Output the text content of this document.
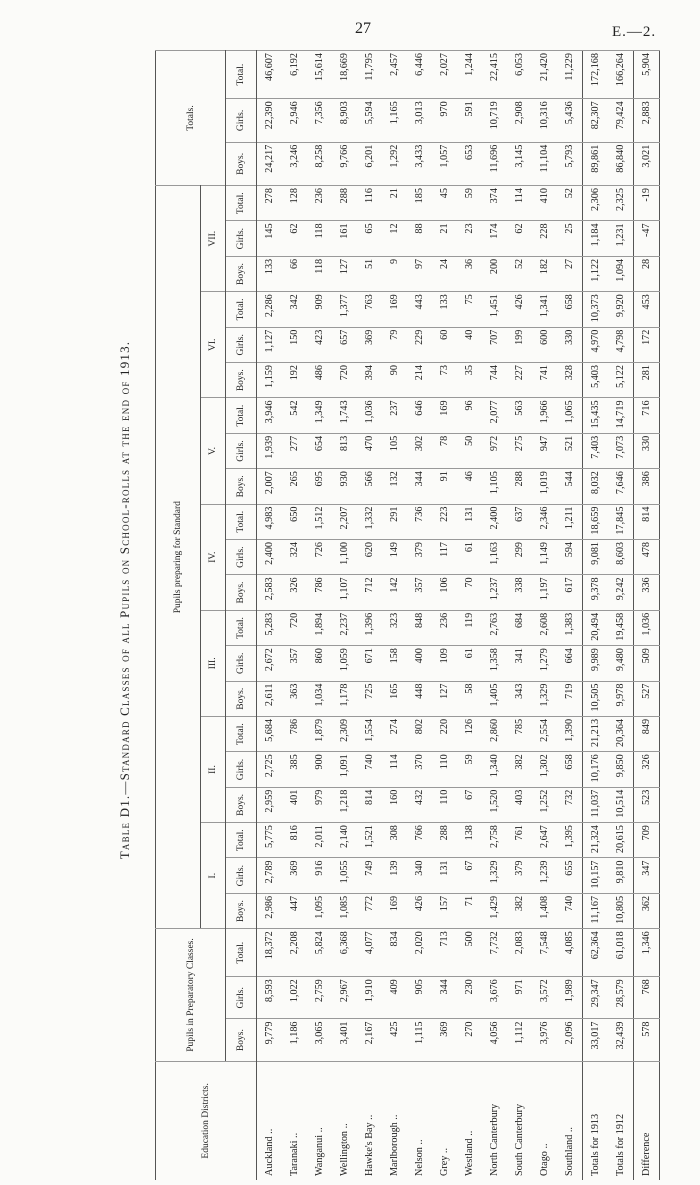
27	E.—2.
Table D1.—Standard Classes of all Pupils on School-rolls at the end of 1913.
Education Districts.	Pupils in Preparatory Classes.			Pupils preparing for Standard																					Totals.		
				I.			II.			III.			IV.			V.			VI.			VII.					
	Boys.	Girls.	Total.	Boys.	Girls.	Total.	Boys.	Girls.	Total.	Boys.	Girls.	Total.	Boys.	Girls.	Total.	Boys.	Girls.	Total.	Boys.	Girls.	Total.	Boys.	Girls.	Total.	Boys.	Girls.	Total.
Auckland ..	9,779	8,593	18,372	2,986	2,789	5,775	2,959	2,725	5,684	2,611	2,672	5,283	2,583	2,400	4,983	2,007	1,939	3,946	1,159	1,127	2,286	133	145	278	24,217	22,390	46,607
Taranaki ..	1,186	1,022	2,208	447	369	816	401	385	786	363	357	720	326	324	650	265	277	542	192	150	342	66	62	128	3,246	2,946	6,192
Wanganui ..	3,065	2,759	5,824	1,095	916	2,011	979	900	1,879	1,034	860	1,894	786	726	1,512	695	654	1,349	486	423	909	118	118	236	8,258	7,356	15,614
Wellington ..	3,401	2,967	6,368	1,085	1,055	2,140	1,218	1,091	2,309	1,178	1,059	2,237	1,107	1,100	2,207	930	813	1,743	720	657	1,377	127	161	288	9,766	8,903	18,669
Hawke's Bay ..	2,167	1,910	4,077	772	749	1,521	814	740	1,554	725	671	1,396	712	620	1,332	566	470	1,036	394	369	763	51	65	116	6,201	5,594	11,795
Marlborough ..	425	409	834	169	139	308	160	114	274	165	158	323	142	149	291	132	105	237	90	79	169	9	12	21	1,292	1,165	2,457
Nelson ..	1,115	905	2,020	426	340	766	432	370	802	448	400	848	357	379	736	344	302	646	214	229	443	97	88	185	3,433	3,013	6,446
Grey ..	369	344	713	157	131	288	110	110	220	127	109	236	106	117	223	91	78	169	73	60	133	24	21	45	1,057	970	2,027
Westland ..	270	230	500	71	67	138	67	59	126	58	61	119	70	61	131	46	50	96	35	40	75	36	23	59	653	591	1,244
North Canterbury	4,056	3,676	7,732	1,429	1,329	2,758	1,520	1,340	2,860	1,405	1,358	2,763	1,237	1,163	2,400	1,105	972	2,077	744	707	1,451	200	174	374	11,696	10,719	22,415
South Canterbury	1,112	971	2,083	382	379	761	403	382	785	343	341	684	338	299	637	288	275	563	227	199	426	52	62	114	3,145	2,908	6,053
Otago ..	3,976	3,572	7,548	1,408	1,239	2,647	1,252	1,302	2,554	1,329	1,279	2,608	1,197	1,149	2,346	1,019	947	1,966	741	600	1,341	182	228	410	11,104	10,316	21,420
Southland ..	2,096	1,989	4,085	740	655	1,395	732	658	1,390	719	664	1,383	617	594	1,211	544	521	1,065	328	330	658	27	25	52	5,793	5,436	11,229
Totals for 1913	33,017	29,347	62,364	11,167	10,157	21,324	11,037	10,176	21,213	10,505	9,989	20,494	9,378	9,081	18,659	8,032	7,403	15,435	5,403	4,970	10,373	1,122	1,184	2,306	89,861	82,307	172,168
Totals for 1912	32,439	28,579	61,018	10,805	9,810	20,615	10,514	9,850	20,364	9,978	9,480	19,458	9,242	8,603	17,845	7,646	7,073	14,719	5,122	4,798	9,920	1,094	1,231	2,325	86,840	79,424	166,264
Difference	578	768	1,346	362	347	709	523	326	849	527	509	1,036	336	478	814	386	330	716	281	172	453	28	-47	-19	3,021	2,883	5,904
